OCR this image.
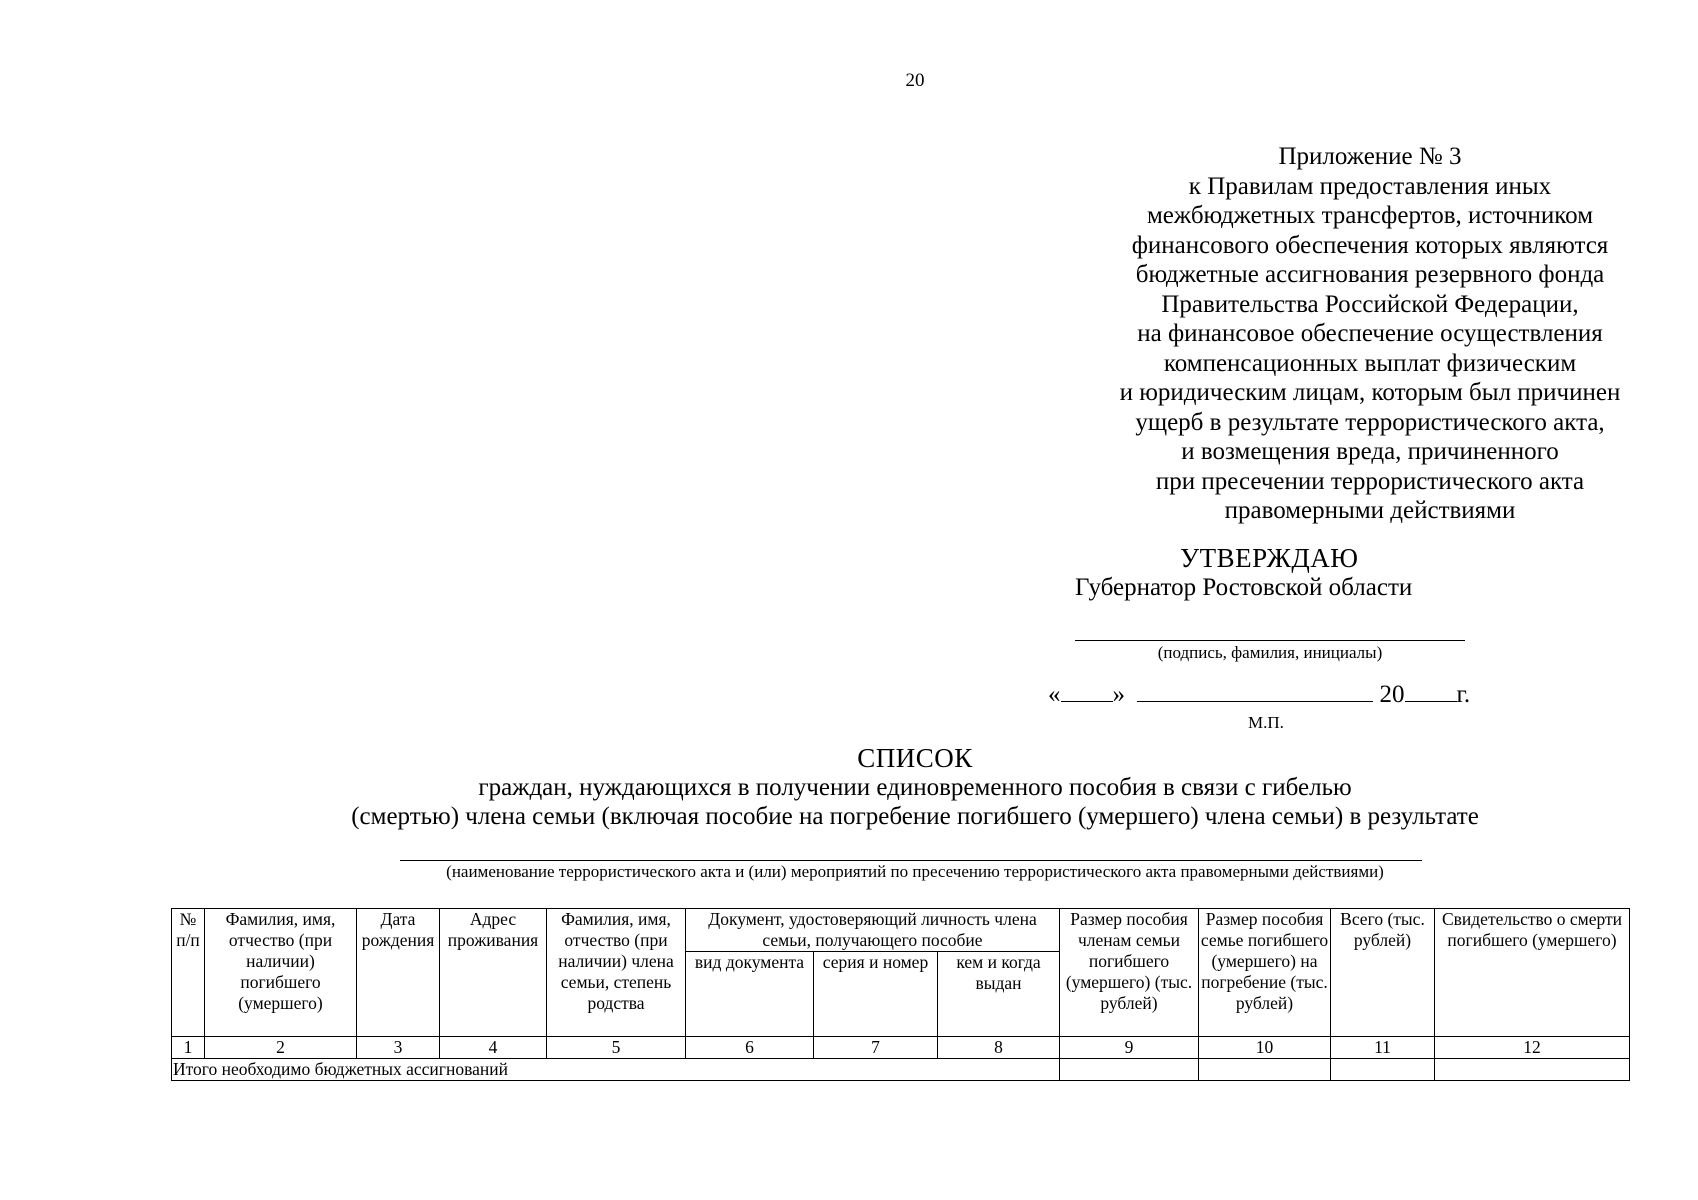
20
Приложение № 3
к Правилам предоставления иных
межбюджетных трансфертов, источником
финансового обеспечения которых являются
бюджетные ассигнования резервного фонда
Правительства Российской Федерации,
на финансовое обеспечение осуществления
компенсационных выплат физическим
и юридическим лицам, которым был причинен
ущерб в результате террористического акта,
и возмещения вреда, причиненного
при пресечении террористического акта
правомерными действиями
УТВЕРЖДАЮ
Губернатор Ростовской области
(подпись, фамилия, инициалы)
« »	20 г.
М.П.
СПИСОК
граждан, нуждающихся в получении единовременного пособия в связи с гибелью
(смертью) члена семьи (включая пособие на погребение погибшего (умершего) члена семьи) в результате
(наименование террористического акта и (или) мероприятий по пресечению террористического акта правомерными действиями)
№ п/п	Фамилия, имя, отчество (при наличии) погибшего (умершего)	Дата рождения	Адрес проживания	Фамилия, имя, отчество (при наличии) члена семьи, степень родства	Документ, удостоверяющий личность члена семьи, получающего пособие			Размер пособия членам семьи погибшего (умершего) (тыс. рублей)	Размер пособия семье погибшего (умершего) на погребение (тыс. рублей)	Всего (тыс. рублей)	Свидетельство о смерти погибшего (умершего)
					вид документа	серия и номер	кем и когда выдан				
1	2	3	4	5	6	7	8	9	10	11	12
Итого необходимо бюджетных ассигнований											
